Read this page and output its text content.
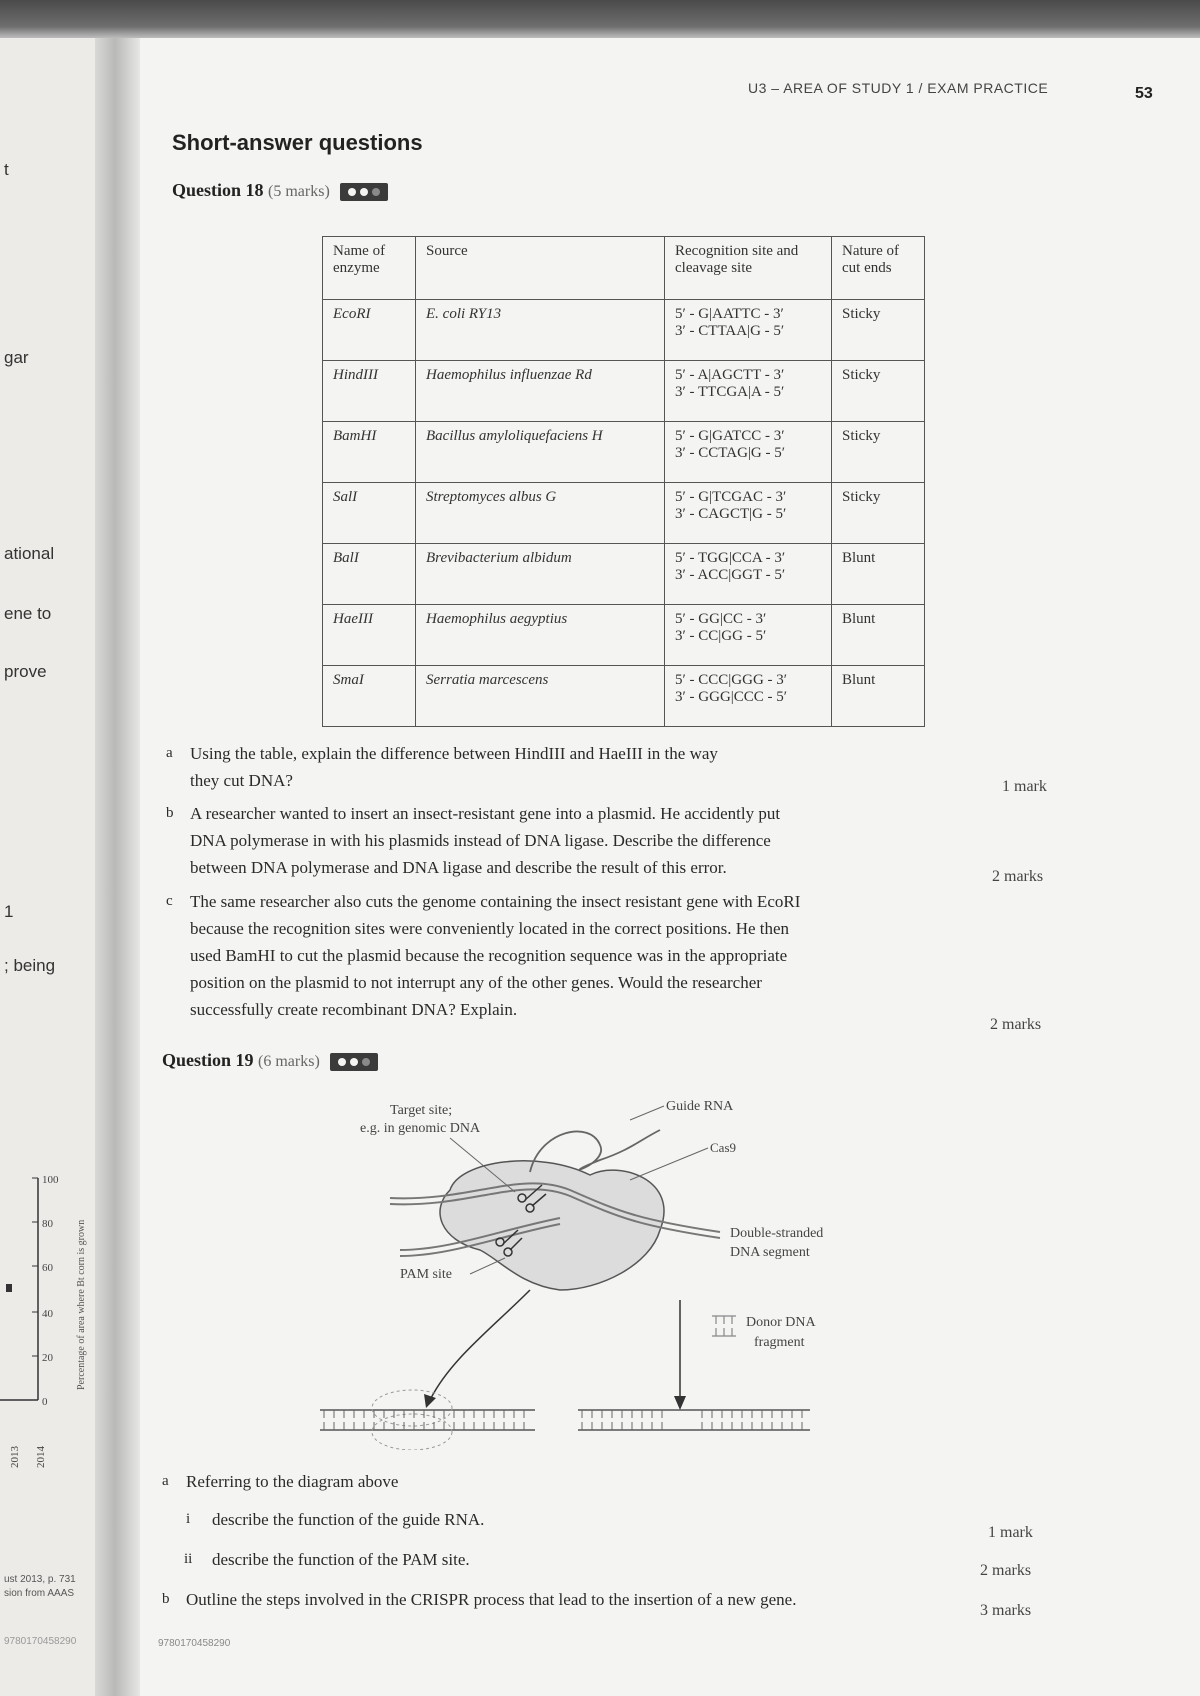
t
gar
ational
ene to
prove
1
; being
100
80
60
40
20
0
Percentage of area where Bt corn is grown
2013 2014
ust 2013, p. 731
sion from AAAS
9780170458290
U3 – AREA OF STUDY 1 / EXAM PRACTICE	53
Short-answer questions
Question 18 (5 marks)
Name of enzyme	Source	Recognition site and cleavage site	Nature of cut ends
EcoRI	E. coli RY13	5′ - G|AATTC - 3′
3′ - CTTAA|G - 5′	Sticky
HindIII	Haemophilus influenzae Rd	5′ - A|AGCTT - 3′
3′ - TTCGA|A - 5′	Sticky
BamHI	Bacillus amyloliquefaciens H	5′ - G|GATCC - 3′
3′ - CCTAG|G - 5′	Sticky
SalI	Streptomyces albus G	5′ - G|TCGAC - 3′
3′ - CAGCT|G - 5′	Sticky
BalI	Brevibacterium albidum	5′ - TGG|CCA - 3′
3′ - ACC|GGT - 5′	Blunt
HaeIII	Haemophilus aegyptius	5′ - GG|CC - 3′
3′ - CC|GG - 5′	Blunt
SmaI	Serratia marcescens	5′ - CCC|GGG - 3′
3′ - GGG|CCC - 5′	Blunt
a Using the table, explain the difference between HindIII and HaeIII in the way
they cut DNA?	1 mark
b A researcher wanted to insert an insect-resistant gene into a plasmid. He accidently put
DNA polymerase in with his plasmids instead of DNA ligase. Describe the difference
between DNA polymerase and DNA ligase and describe the result of this error.	2 marks
c The same researcher also cuts the genome containing the insect resistant gene with EcoRI
because the recognition sites were conveniently located in the correct positions. He then
used BamHI to cut the plasmid because the recognition sequence was in the appropriate
position on the plasmid to not interrupt any of the other genes. Would the researcher
successfully create recombinant DNA? Explain.
2 marks
Question 19 (6 marks)
Target site;
e.g. in genomic DNA
Guide RNA
Cas9
Double-stranded
DNA segment
PAM site
Donor DNA
fragment
a Referring to the diagram above
i describe the function of the guide RNA.
1 mark
ii describe the function of the PAM site.
2 marks
b Outline the steps involved in the CRISPR process that lead to the insertion of a new gene.
3 marks
9780170458290
